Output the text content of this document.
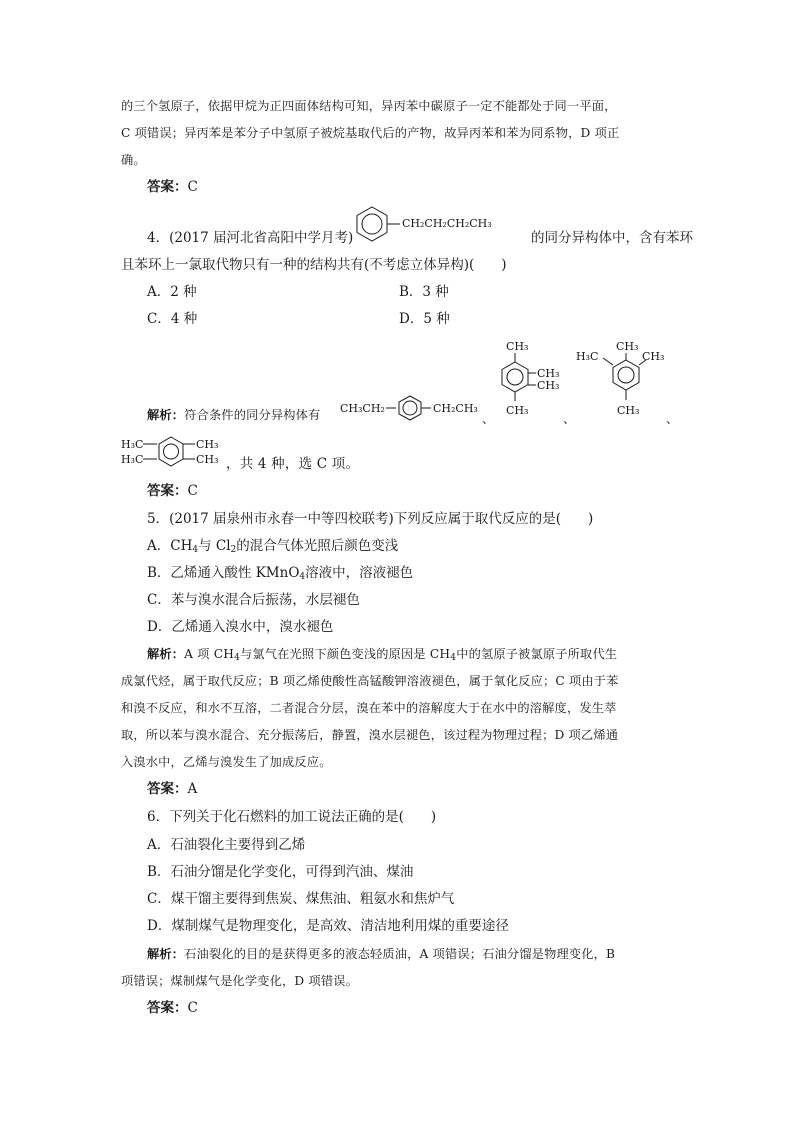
的三个氢原子，依据甲烷为正四面体结构可知，异丙苯中碳原子一定不能都处于同一平面，
C 项错误；异丙苯是苯分子中氢原子被烷基取代后的产物，故异丙苯和苯为同系物，D 项正
确。
答案：C
4．(2017 届河北省高阳中学月考)
CH₂CH₂CH₂CH₃
的同分异构体中，含有苯环
且苯环上一氯取代物只有一种的结构共有(不考虑立体异构)(　　)
A．2 种	B．3 种
C．4 种	D．5 种
解析：符合条件的同分异构体有 CH₃CH₂	CH₂CH₃
、
CH₃
CH₃
CH₃
CH₃
、
H₃C
CH₃
CH₃
CH₃
、
H₃C
H₃C
CH₃
CH₃ ，共 4 种，选 C 项。
答案：C
5．(2017 届泉州市永春一中等四校联考)下列反应属于取代反应的是(　　)
A．$CH_4$与 $Cl_2$的混合气体光照后颜色变浅
B．乙烯通入酸性 KMnO$_4$溶液中，溶液褪色
C．苯与溴水混合后振荡，水层褪色
D．乙烯通入溴水中，溴水褪色
解析：A 项 $CH_4$与氯气在光照下颜色变浅的原因是 $CH_4$中的氢原子被氯原子所取代生
成氯代烃，属于取代反应；B 项乙烯使酸性高锰酸钾溶液褪色，属于氧化反应；C 项由于苯
和溴不反应，和水不互溶，二者混合分层，溴在苯中的溶解度大于在水中的溶解度，发生萃
取，所以苯与溴水混合、充分振荡后，静置，溴水层褪色，该过程为物理过程；D 项乙烯通
入溴水中，乙烯与溴发生了加成反应。
答案：A
6．下列关于化石燃料的加工说法正确的是(　　)
A．石油裂化主要得到乙烯
B．石油分馏是化学变化，可得到汽油、煤油
C．煤干馏主要得到焦炭、煤焦油、粗氨水和焦炉气
D．煤制煤气是物理变化，是高效、清洁地利用煤的重要途径
解析：石油裂化的目的是获得更多的液态轻质油，A 项错误；石油分馏是物理变化，B
项错误；煤制煤气是化学变化，D 项错误。
答案：C
